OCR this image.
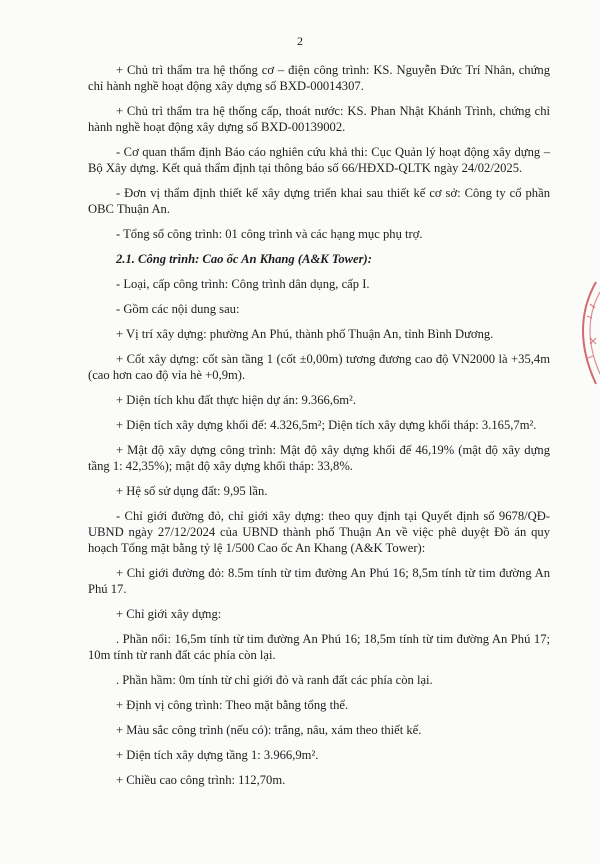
2

+ Chủ trì thẩm tra hệ thống cơ – điện công trình: KS. Nguyễn Đức Trí Nhân, chứng chỉ hành nghề hoạt động xây dựng số BXD-00014307.

+ Chủ trì thẩm tra hệ thống cấp, thoát nước: KS. Phan Nhật Khánh Trình, chứng chỉ hành nghề hoạt động xây dựng số BXD-00139002.

- Cơ quan thẩm định Báo cáo nghiên cứu khả thi: Cục Quản lý hoạt động xây dựng – Bộ Xây dựng. Kết quả thẩm định tại thông báo số 66/HĐXD-QLTK ngày 24/02/2025.

- Đơn vị thẩm định thiết kế xây dựng triển khai sau thiết kế cơ sở: Công ty cổ phần OBC Thuận An.

- Tổng số công trình: 01 công trình và các hạng mục phụ trợ.

2.1. Công trình: Cao ốc An Khang (A&K Tower):

- Loại, cấp công trình: Công trình dân dụng, cấp I.

- Gồm các nội dung sau:

+ Vị trí xây dựng: phường An Phú, thành phố Thuận An, tỉnh Bình Dương.

+ Cốt xây dựng: cốt sàn tầng 1 (cốt ±0,00m) tương đương cao độ VN2000 là +35,4m (cao hơn cao độ vỉa hè +0,9m).

+ Diện tích khu đất thực hiện dự án: 9.366,6m².

+ Diện tích xây dựng khối đế: 4.326,5m²; Diện tích xây dựng khối tháp: 3.165,7m².

+ Mật độ xây dựng công trình: Mật độ xây dựng khối đế 46,19% (mật độ xây dựng tầng 1: 42,35%); mật độ xây dựng khối tháp: 33,8%.

+ Hệ số sử dụng đất: 9,95 lần.

- Chỉ giới đường đỏ, chỉ giới xây dựng: theo quy định tại Quyết định số 9678/QĐ-UBND ngày 27/12/2024 của UBND thành phố Thuận An về việc phê duyệt Đồ án quy hoạch Tổng mặt bằng tỷ lệ 1/500 Cao ốc An Khang (A&K Tower):

+ Chỉ giới đường đỏ: 8.5m tính từ tim đường An Phú 16; 8,5m tính từ tim đường An Phú 17.

+ Chỉ giới xây dựng:

. Phần nổi: 16,5m tính từ tim đường An Phú 16; 18,5m tính từ tim đường An Phú 17; 10m tính từ ranh đất các phía còn lại.

. Phần hầm: 0m tính từ chỉ giới đỏ và ranh đất các phía còn lại.

+ Định vị công trình: Theo mặt bằng tổng thể.

+ Màu sắc công trình (nếu có): trắng, nâu, xám theo thiết kế.

+ Diện tích xây dựng tầng 1: 3.966,9m².

+ Chiều cao công trình: 112,70m.
